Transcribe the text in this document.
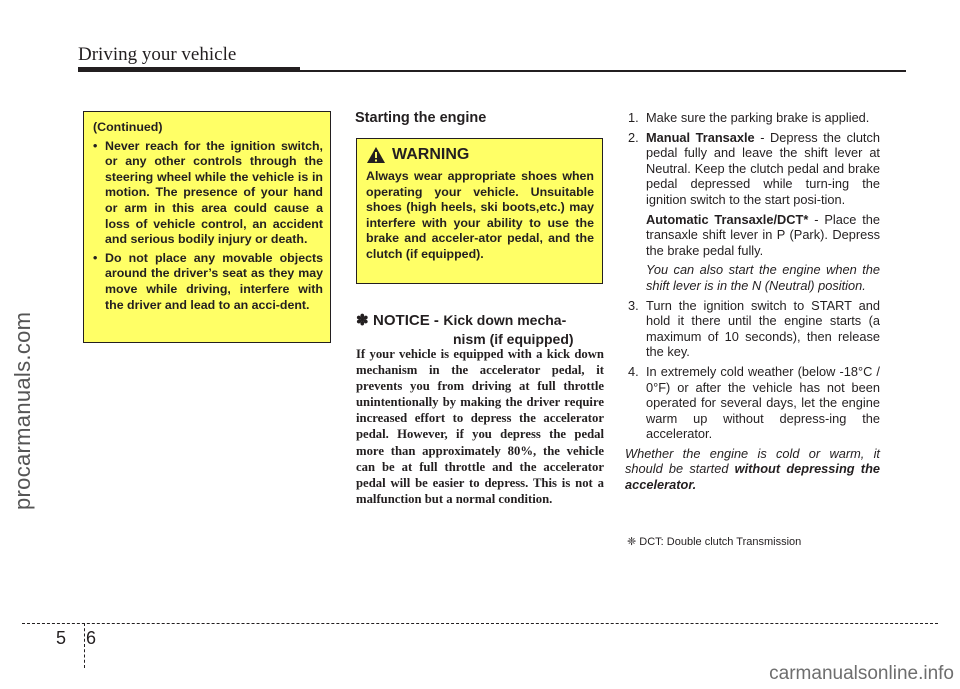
Driving your vehicle
procarmanuals.com
(Continued)
• Never reach for the ignition switch, or any other controls through the steering wheel while the vehicle is in motion. The presence of your hand or arm in this area could cause a loss of vehicle control, an accident and serious bodily injury or death.
• Do not place any movable objects around the driver’s seat as they may move while driving, interfere with the driver and lead to an acci-dent.
Starting the engine
WARNING
Always wear appropriate shoes when operating your vehicle. Unsuitable shoes (high heels, ski boots,etc.) may interfere with your ability to use the brake and acceler-ator pedal, and the clutch (if equipped).
✽ NOTICE - Kick down mecha-
nism (if equipped)
If your vehicle is equipped with a kick down mechanism in the accelerator pedal, it prevents you from driving at full throttle unintentionally by making the driver require increased effort to depress the accelerator pedal. However, if you depress the pedal more than approximately 80%, the vehicle can be at full throttle and the accelerator pedal will be easier to depress. This is not a malfunction but a normal condition.
1. Make sure the parking brake is applied.
2. Manual Transaxle - Depress the clutch pedal fully and leave the shift lever at Neutral. Keep the clutch pedal and brake pedal depressed while turn-ing the ignition switch to the start posi-tion.
Automatic Transaxle/DCT* - Place the transaxle shift lever in P (Park). Depress the brake pedal fully.
You can also start the engine when the shift lever is in the N (Neutral) position.
3. Turn the ignition switch to START and hold it there until the engine starts (a maximum of 10 seconds), then release the key.
4. In extremely cold weather (below -18°C / 0°F) or after the vehicle has not been operated for several days, let the engine warm up without depress-ing the accelerator.
Whether the engine is cold or warm, it should be started without depressing the accelerator.
❈ DCT: Double clutch Transmission
5 6
carmanualsonline.info
